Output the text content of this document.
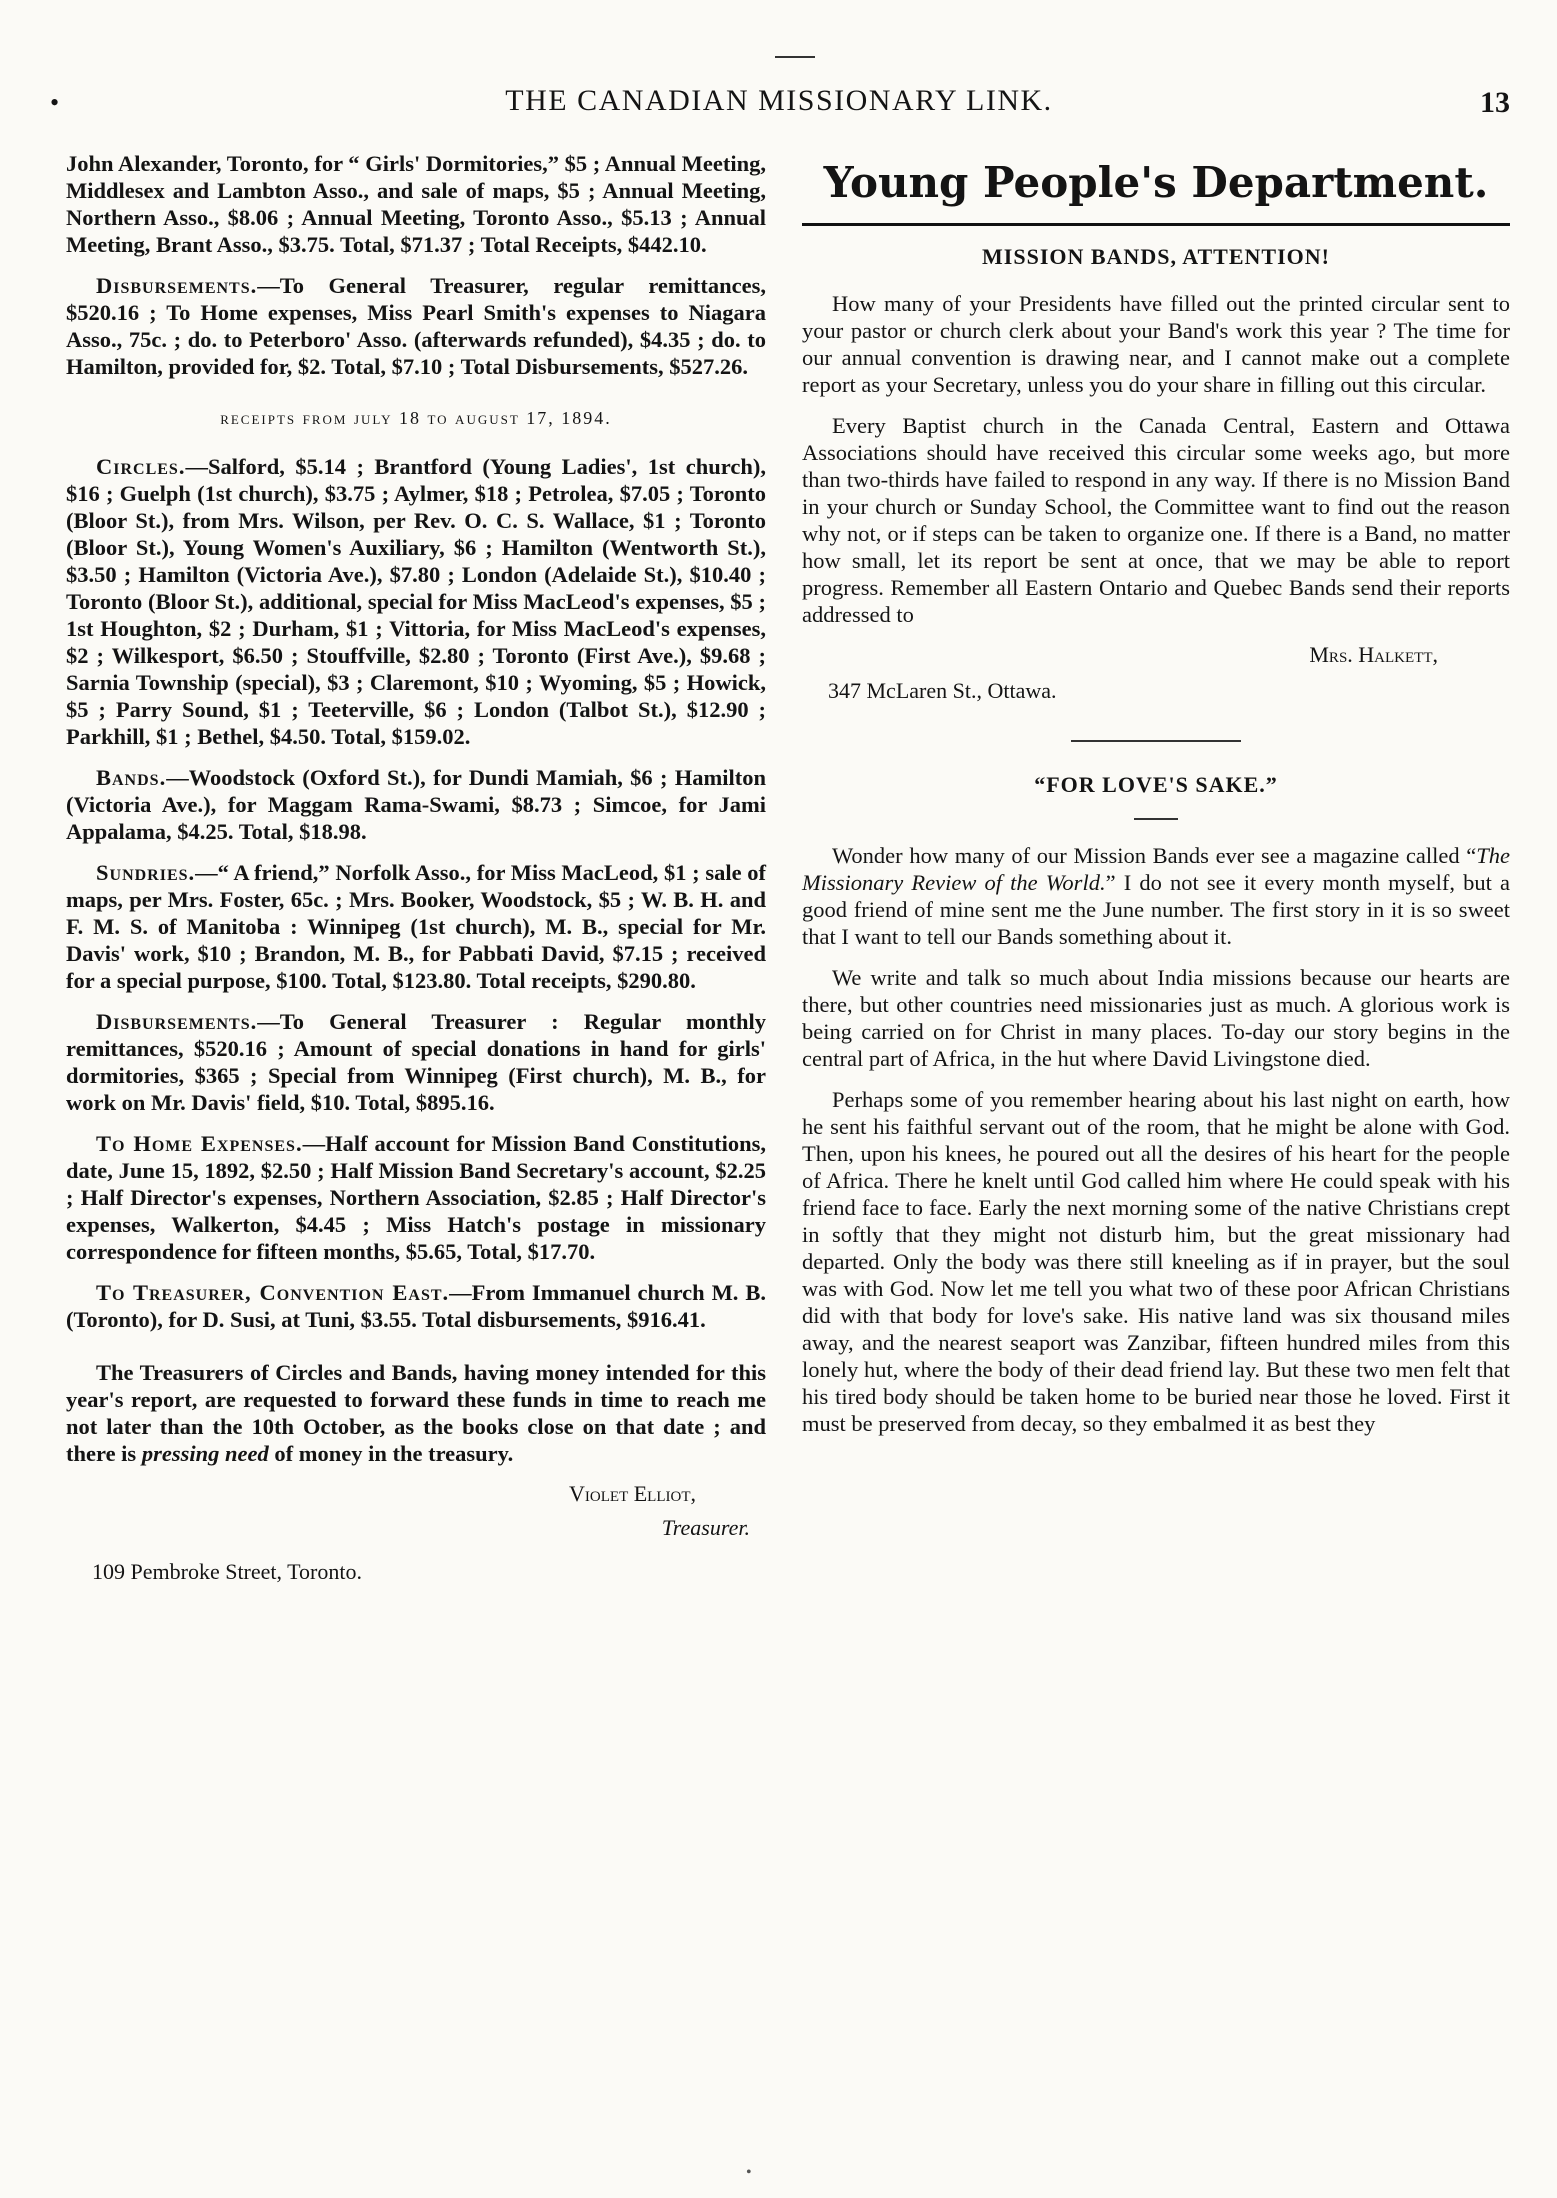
•	THE CANADIAN MISSIONARY LINK.	13

John Alexander, Toronto, for “ Girls' Dormitories,” $5 ; Annual Meeting, Middlesex and Lambton Asso., and sale of maps, $5 ; Annual Meeting, Northern Asso., $8.06 ; Annual Meeting, Toronto Asso., $5.13 ; Annual Meeting, Brant Asso., $3.75. Total, $71.37 ; Total Receipts, $442.10.

Disbursements.—To General Treasurer, regular remittances, $520.16 ; To Home expenses, Miss Pearl Smith's expenses to Niagara Asso., 75c. ; do. to Peterboro' Asso. (afterwards refunded), $4.35 ; do. to Hamilton, provided for, $2. Total, $7.10 ; Total Disbursements, $527.26.

receipts from july 18 to august 17, 1894.

Circles.—Salford, $5.14 ; Brantford (Young Ladies', 1st church), $16 ; Guelph (1st church), $3.75 ; Aylmer, $18 ; Petrolea, $7.05 ; Toronto (Bloor St.), from Mrs. Wilson, per Rev. O. C. S. Wallace, $1 ; Toronto (Bloor St.), Young Women's Auxiliary, $6 ; Hamilton (Wentworth St.), $3.50 ; Hamilton (Victoria Ave.), $7.80 ; London (Adelaide St.), $10.40 ; Toronto (Bloor St.), additional, special for Miss MacLeod's expenses, $5 ; 1st Houghton, $2 ; Durham, $1 ; Vittoria, for Miss MacLeod's expenses, $2 ; Wilkesport, $6.50 ; Stouffville, $2.80 ; Toronto (First Ave.), $9.68 ; Sarnia Township (special), $3 ; Claremont, $10 ; Wyoming, $5 ; Howick, $5 ; Parry Sound, $1 ; Teeterville, $6 ; London (Talbot St.), $12.90 ; Parkhill, $1 ; Bethel, $4.50. Total, $159.02.

Bands.—Woodstock (Oxford St.), for Dundi Mamiah, $6 ; Hamilton (Victoria Ave.), for Maggam Rama-Swami, $8.73 ; Simcoe, for Jami Appalama, $4.25. Total, $18.98.

Sundries.—“ A friend,” Norfolk Asso., for Miss MacLeod, $1 ; sale of maps, per Mrs. Foster, 65c. ; Mrs. Booker, Woodstock, $5 ; W. B. H. and F. M. S. of Manitoba : Winnipeg (1st church), M. B., special for Mr. Davis' work, $10 ; Brandon, M. B., for Pabbati David, $7.15 ; received for a special purpose, $100. Total, $123.80. Total receipts, $290.80.

Disbursements.—To General Treasurer : Regular monthly remittances, $520.16 ; Amount of special donations in hand for girls' dormitories, $365 ; Special from Winnipeg (First church), M. B., for work on Mr. Davis' field, $10. Total, $895.16.

To Home Expenses.—Half account for Mission Band Constitutions, date, June 15, 1892, $2.50 ; Half Mission Band Secretary's account, $2.25 ; Half Director's expenses, Northern Association, $2.85 ; Half Director's expenses, Walkerton, $4.45 ; Miss Hatch's postage in missionary correspondence for fifteen months, $5.65, Total, $17.70.

To Treasurer, Convention East.—From Immanuel church M. B. (Toronto), for D. Susi, at Tuni, $3.55. Total disbursements, $916.41.

The Treasurers of Circles and Bands, having money intended for this year's report, are requested to forward these funds in time to reach me not later than the 10th October, as the books close on that date ; and there is pressing need of money in the treasury.

Violet Elliot,
Treasurer.
109 Pembroke Street, Toronto.
Young People's Department.
MISSION BANDS, ATTENTION!

How many of your Presidents have filled out the printed circular sent to your pastor or church clerk about your Band's work this year ? The time for our annual convention is drawing near, and I cannot make out a complete report as your Secretary, unless you do your share in filling out this circular.

Every Baptist church in the Canada Central, Eastern and Ottawa Associations should have received this circular some weeks ago, but more than two-thirds have failed to respond in any way. If there is no Mission Band in your church or Sunday School, the Committee want to find out the reason why not, or if steps can be taken to organize one. If there is a Band, no matter how small, let its report be sent at once, that we may be able to report progress. Remember all Eastern Ontario and Quebec Bands send their reports addressed to

Mrs. Halkett,
347 McLaren St., Ottawa.
“FOR LOVE'S SAKE.”

Wonder how many of our Mission Bands ever see a magazine called “The Missionary Review of the World.” I do not see it every month myself, but a good friend of mine sent me the June number. The first story in it is so sweet that I want to tell our Bands something about it.

We write and talk so much about India missions because our hearts are there, but other countries need missionaries just as much. A glorious work is being carried on for Christ in many places. To-day our story begins in the central part of Africa, in the hut where David Livingstone died.

Perhaps some of you remember hearing about his last night on earth, how he sent his faithful servant out of the room, that he might be alone with God. Then, upon his knees, he poured out all the desires of his heart for the people of Africa. There he knelt until God called him where He could speak with his friend face to face. Early the next morning some of the native Christians crept in softly that they might not disturb him, but the great missionary had departed. Only the body was there still kneeling as if in prayer, but the soul was with God. Now let me tell you what two of these poor African Christians did with that body for love's sake. His native land was six thousand miles away, and the nearest seaport was Zanzibar, fifteen hundred miles from this lonely hut, where the body of their dead friend lay. But these two men felt that his tired body should be taken home to be buried near those he loved. First it must be preserved from decay, so they embalmed it as best they

•
